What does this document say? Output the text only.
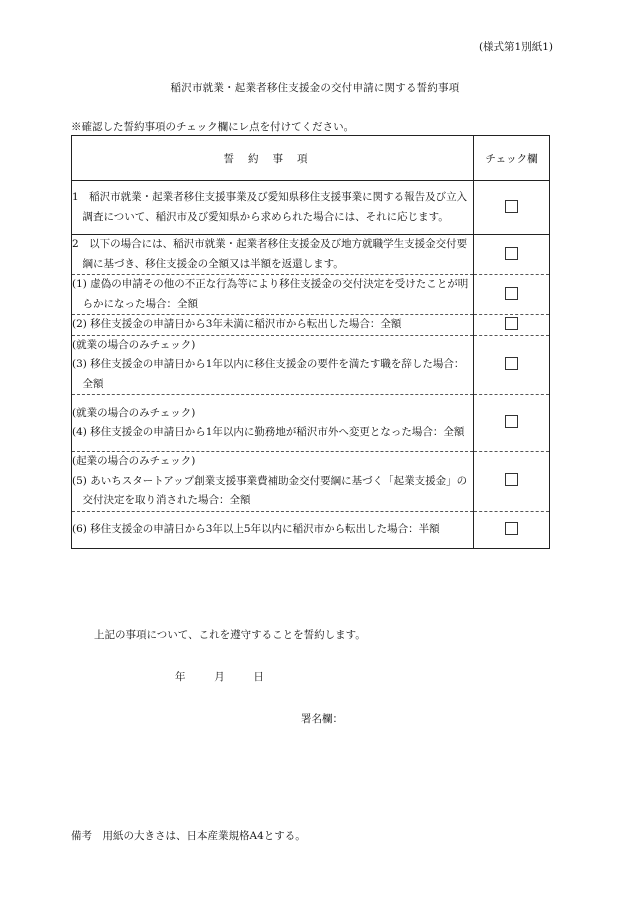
(様式第1別紙1)
稲沢市就業・起業者移住支援金の交付申請に関する誓約事項
※確認した誓約事項のチェック欄にレ点を付けてください。
誓約事項	チェック欄

1　稲沢市就業・起業者移住支援事業及び愛知県移住支援事業に関する報告及び立入調査について、稲沢市及び愛知県から求められた場合には、それに応じます。	

2　以下の場合には、稲沢市就業・起業者移住支援金及び地方就職学生支援金交付要綱に基づき、移住支援金の全額又は半額を返還します。	

(1) 虚偽の申請その他の不正な行為等により移住支援金の交付決定を受けたことが明らかになった場合：全額	

(2) 移住支援金の申請日から3年未満に稲沢市から転出した場合：全額	

(就業の場合のみチェック)
(3) 移住支援金の申請日から1年以内に移住支援金の要件を満たす職を辞した場合：全額	

(就業の場合のみチェック)
(4) 移住支援金の申請日から1年以内に勤務地が稲沢市外へ変更となった場合：全額	

(起業の場合のみチェック)
(5) あいちスタートアップ創業支援事業費補助金交付要綱に基づく「起業支援金」の交付決定を取り消された場合：全額	

(6) 移住支援金の申請日から3年以上5年以内に稲沢市から転出した場合：半額	

上記の事項について、これを遵守することを誓約します。
年	月	日
署名欄：
備考　用紙の大きさは、日本産業規格A4とする。
